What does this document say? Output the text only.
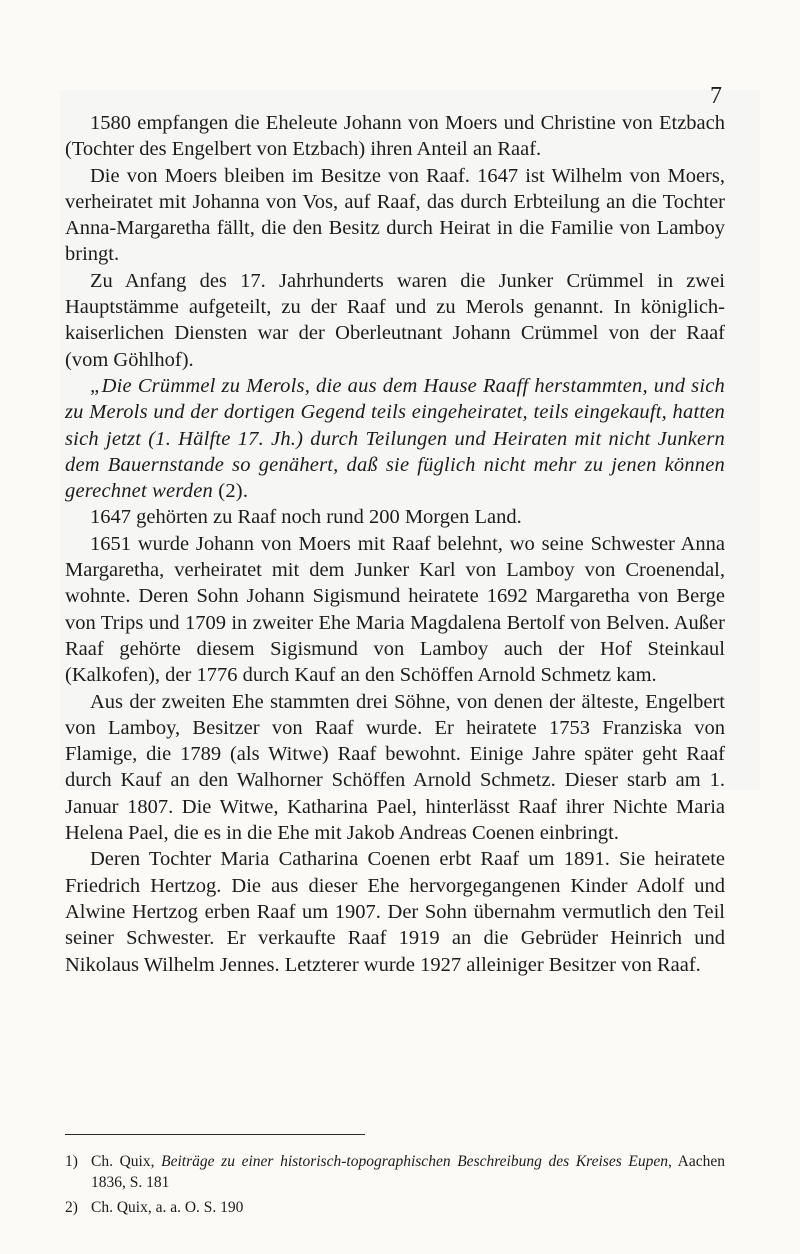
7

1580 empfangen die Eheleute Johann von Moers und Christine von Etzbach (Tochter des Engelbert von Etzbach) ihren Anteil an Raaf.

Die von Moers bleiben im Besitze von Raaf. 1647 ist Wilhelm von Moers, verheiratet mit Johanna von Vos, auf Raaf, das durch Erbteilung an die Tochter Anna-Margaretha fällt, die den Besitz durch Heirat in die Familie von Lamboy bringt.

Zu Anfang des 17. Jahrhunderts waren die Junker Crümmel in zwei Hauptstämme aufgeteilt, zu der Raaf und zu Merols genannt. In königlich-kaiserlichen Diensten war der Oberleutnant Johann Crümmel von der Raaf (vom Göhlhof).

„Die Crümmel zu Merols, die aus dem Hause Raaff herstammten, und sich zu Merols und der dortigen Gegend teils eingeheiratet, teils eingekauft, hatten sich jetzt (1. Hälfte 17. Jh.) durch Teilungen und Heiraten mit nicht Junkern dem Bauernstande so genähert, daß sie füglich nicht mehr zu jenen können gerechnet werden (2).

1647 gehörten zu Raaf noch rund 200 Morgen Land.

1651 wurde Johann von Moers mit Raaf belehnt, wo seine Schwester Anna Margaretha, verheiratet mit dem Junker Karl von Lamboy von Croenendal, wohnte. Deren Sohn Johann Sigismund heiratete 1692 Margaretha von Berge von Trips und 1709 in zweiter Ehe Maria Magdalena Bertolf von Belven. Außer Raaf gehörte diesem Sigismund von Lamboy auch der Hof Steinkaul (Kalkofen), der 1776 durch Kauf an den Schöffen Arnold Schmetz kam.

Aus der zweiten Ehe stammten drei Söhne, von denen der älteste, Engelbert von Lamboy, Besitzer von Raaf wurde. Er heiratete 1753 Franziska von Flamige, die 1789 (als Witwe) Raaf bewohnt. Einige Jahre später geht Raaf durch Kauf an den Walhorner Schöffen Arnold Schmetz. Dieser starb am 1. Januar 1807. Die Witwe, Katharina Pael, hinterlässt Raaf ihrer Nichte Maria Helena Pael, die es in die Ehe mit Jakob Andreas Coenen einbringt.

Deren Tochter Maria Catharina Coenen erbt Raaf um 1891. Sie heiratete Friedrich Hertzog. Die aus dieser Ehe hervorgegangenen Kinder Adolf und Alwine Hertzog erben Raaf um 1907. Der Sohn übernahm vermutlich den Teil seiner Schwester. Er verkaufte Raaf 1919 an die Gebrüder Heinrich und Nikolaus Wilhelm Jennes. Letzterer wurde 1927 alleiniger Besitzer von Raaf.

1) Ch. Quix, Beiträge zu einer historisch-topographischen Beschreibung des Kreises Eupen, Aachen 1836, S. 181
2) Ch. Quix, a. a. O. S. 190
